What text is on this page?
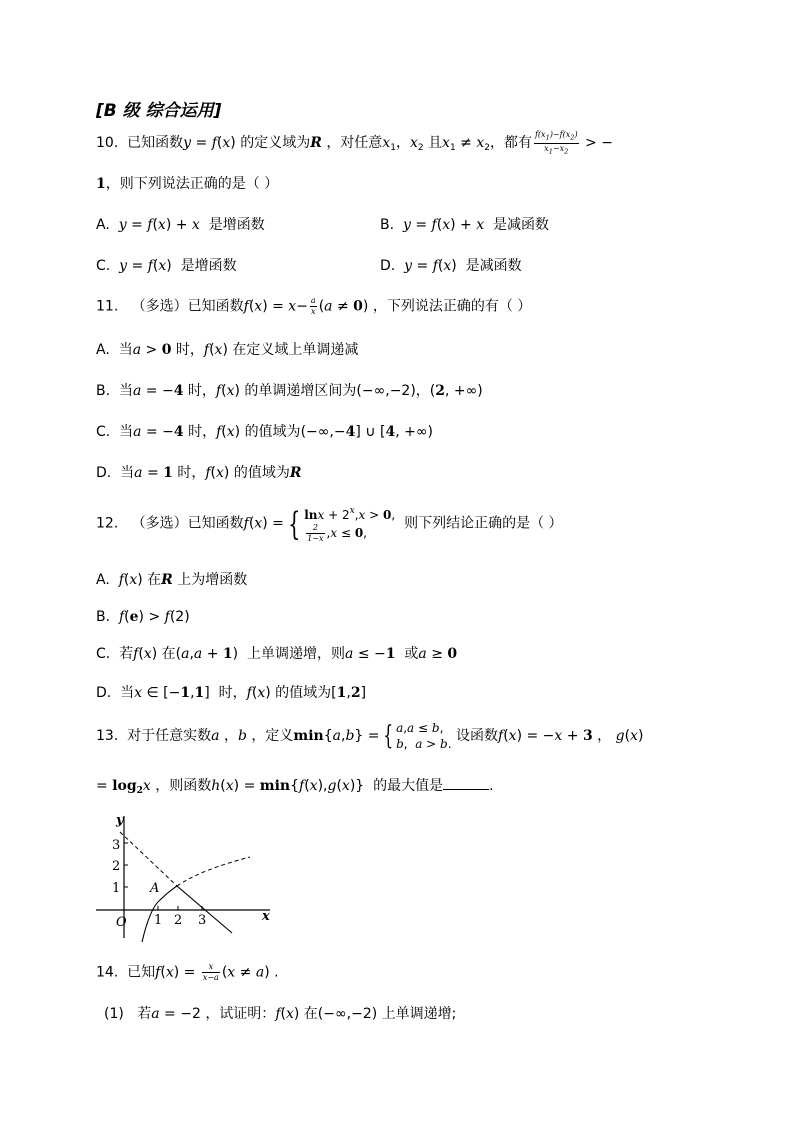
[B 级 综合运用]
10. 已知函数y = f(x) 的定义域为R ，对任意$x_1$，$x_2$ 且$x_1 \ne x_2$，都有 $\frac{f(x_1)-f(x_2)}{x_1-x_2}$ > −
1，则下列说法正确的是（ ）
A. y = f(x) + x 是增函数	B. y = f(x) + x 是减函数
C. y = f(x)  是增函数	D. y = f(x)  是减函数
11. （多选）已知函数$f(x) = x- \frac{a}{x} (a \ne 0)$ ，下列说法正确的有（ ）
A. 当a > 0 时，f(x) 在定义域上单调递减
B. 当a = −4 时，f(x) 的单调递增区间为(−∞,−2)，(2, +∞)
C. 当a = −4 时，f(x) 的值域为(−∞,−4] ∪ [4, +∞)
D. 当a = 1 时，f(x) 的值域为R
12. （多选）已知函数f(x) = { $\ln x + 2^x,x > 0$,
$\frac{2}{1-x} ,x \le 0$,
则下列结论正确的是（ ）
A. f(x) 在R 上为增函数
B. f(e) > f(2)
C. 若f(x) 在(a,a + 1)  上单调递增，则a ≤ −1 或a ≥ 0
D. 当x ∈ [−1,1]  时，f(x) 的值域为[1,2]
13. 对于任意实数a ，b ，定义min{a,b} = { a,a ≤ b,
b,  a > b. 设函数f(x) = −x + 3 ， g(x)
= $\log_2x$ ，则函数h(x) = min{f(x),g(x)}  的最大值是	.
y
x
O
A
1
2
3
1 2 3
14. 已知$f(x) = \frac{x}{x-a} (x \ne a)$ .
(1) 若a = −2 ，试证明：f(x) 在(−∞,−2) 上单调递增;
